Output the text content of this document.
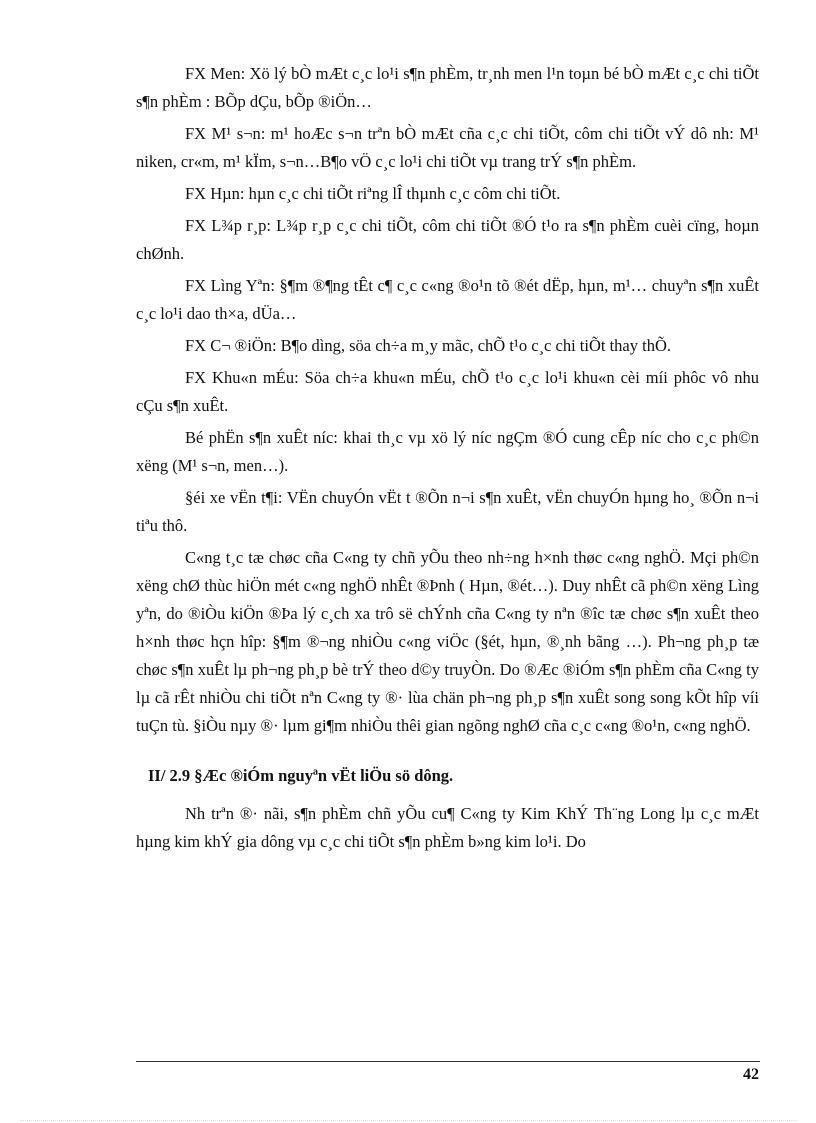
FX Men: Xö lý bÒ mÆt c¸c lo¹i s¶n phÈm, tr¸nh men l¹n toµn bé bÒ mÆt c¸c chi tiÕt s¶n phÈm : BÕp dÇu, bÕp ®iÖn…

FX M¹ s¬n: m¹ hoÆc s¬n trªn bÒ mÆt cña c¸c chi tiÕt, côm chi tiÕt vÝ dô nh: M¹ niken, cr«m, m¹ kÏm, s¬n…B¶o vÖ c¸c lo¹i chi tiÕt vµ trang trÝ s¶n phÈm.

FX Hµn: hµn c¸c chi tiÕt riªng lÎ thµnh c¸c côm chi tiÕt.

FX L¾p r¸p: L¾p r¸p c¸c chi tiÕt, côm chi tiÕt ®Ó t¹o ra s¶n phÈm cuèi cïng, hoµn chØnh.

FX Lìng Yªn: §¶m ®¶ng tÊt c¶ c¸c c«ng ®o¹n tõ ®ét dËp, hµn, m¹… chuyªn s¶n xuÊt c¸c lo¹i dao th×a, dÜa…

FX C¬ ®iÖn: B¶o dìng, söa ch÷a m¸y mãc, chÕ t¹o c¸c chi tiÕt thay thÕ.

FX Khu«n mÉu: Söa ch÷a khu«n mÉu, chÕ t¹o c¸c lo¹i khu«n cèi míi phôc vô nhu cÇu s¶n xuÊt.

Bé phËn s¶n xuÊt níc: khai th¸c vµ xö lý níc ngÇm ®Ó cung cÊp níc cho c¸c ph©n xëng (M¹ s¬n, men…).

§éi xe vËn t¶i: VËn chuyÓn vËt t ®Õn n¬i s¶n xuÊt, vËn chuyÓn hµng ho¸ ®Õn n¬i tiªu thô.

C«ng t¸c tæ chøc cña C«ng ty chñ yÕu theo nh÷ng h×nh thøc c«ng nghÖ. Mçi ph©n xëng chØ thùc hiÖn mét c«ng nghÖ nhÊt ®Þnh ( Hµn, ®ét…). Duy nhÊt cã ph©n xëng Lìng yªn, do ®iÒu kiÖn ®Þa lý c¸ch xa trô së chÝnh cña C«ng ty nªn ®îc tæ chøc s¶n xuÊt theo h×nh thøc hçn hîp: §¶m ®¬ng nhiÒu c«ng viÖc (§ét, hµn, ®¸nh bãng …). Ph¬ng ph¸p tæ chøc s¶n xuÊt lµ ph¬ng ph¸p bè trÝ theo d©y truyÒn. Do ®Æc ®iÓm s¶n phÈm cña C«ng ty lµ cã rÊt nhiÒu chi tiÕt nªn C«ng ty ®· lùa chän ph¬ng ph¸p s¶n xuÊt song song kÕt hîp víi tuÇn tù. §iÒu nµy ®· lµm gi¶m nhiÒu thêi gian ngõng nghØ cña c¸c c«ng ®o¹n, c«ng nghÖ.

II/ 2.9 §Æc ®iÓm nguyªn vËt liÖu sö dông.

Nh trªn ®· nãi, s¶n phÈm chñ yÕu cu¶ C«ng ty Kim KhÝ Th¨ng Long lµ c¸c mÆt hµng kim khÝ gia dông vµ c¸c chi tiÕt s¶n phÈm b»ng kim lo¹i. Do

42
